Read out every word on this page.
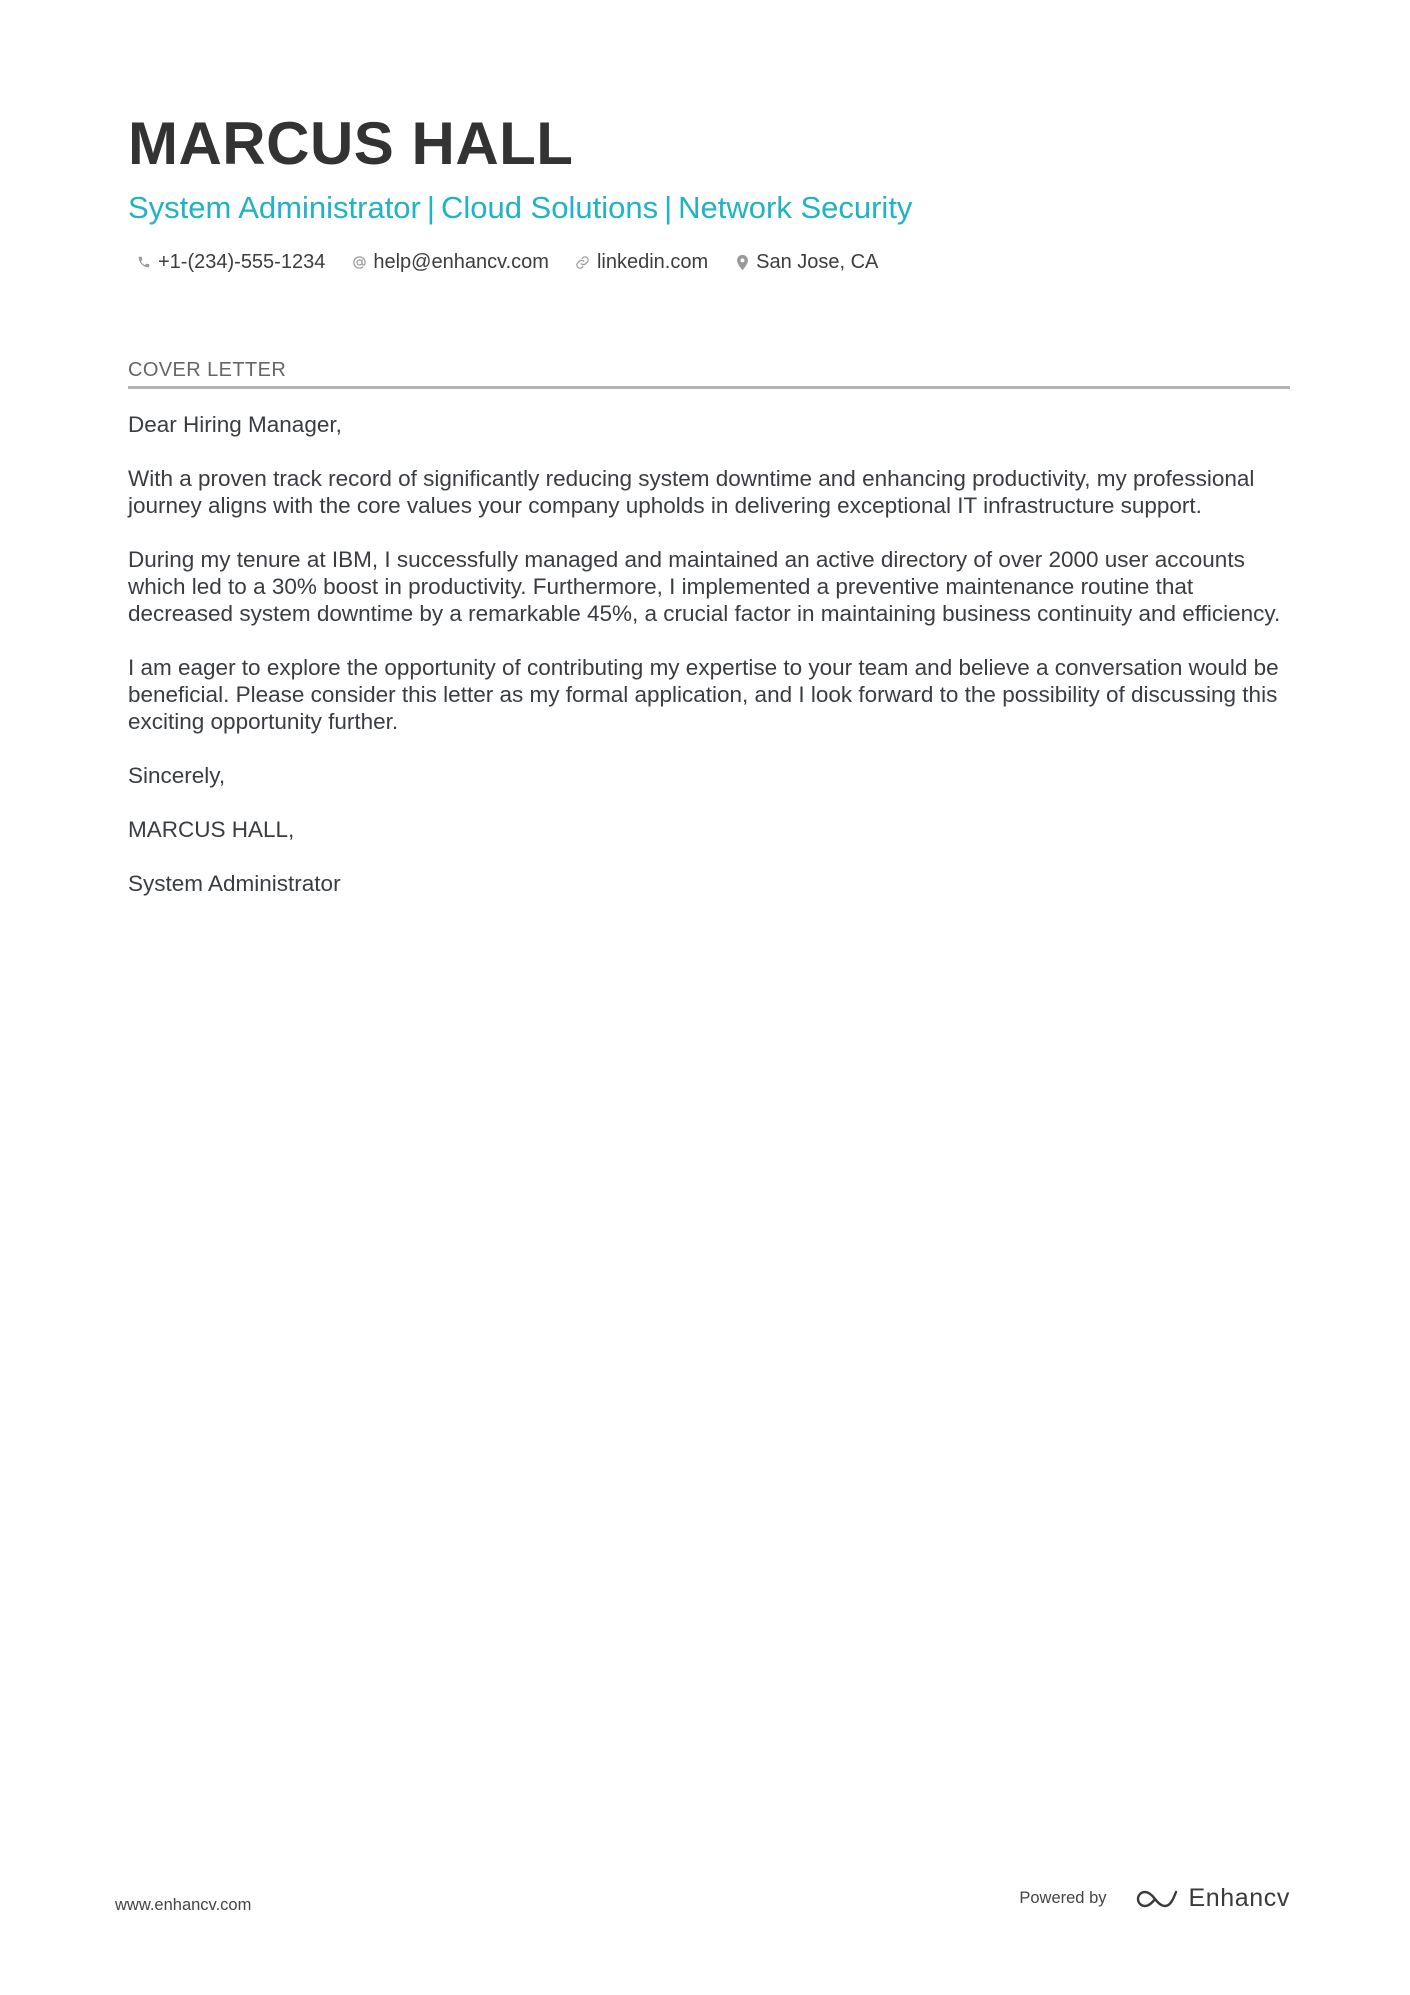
MARCUS HALL
System Administrator | Cloud Solutions | Network Security
+1-(234)-555-1234 help@enhancv.com linkedin.com San Jose, CA
COVER LETTER

Dear Hiring Manager,

With a proven track record of significantly reducing system downtime and enhancing productivity, my professional journey aligns with the core values your company upholds in delivering exceptional IT infrastructure support.

During my tenure at IBM, I successfully managed and maintained an active directory of over 2000 user accounts which led to a 30% boost in productivity. Furthermore, I implemented a preventive maintenance routine that decreased system downtime by a remarkable 45%, a crucial factor in maintaining business continuity and efficiency.

I am eager to explore the opportunity of contributing my expertise to your team and believe a conversation would be beneficial. Please consider this letter as my formal application, and I look forward to the possibility of discussing this exciting opportunity further.

Sincerely,

MARCUS HALL,

System Administrator

www.enhancv.com	Powered by	Enhancv
